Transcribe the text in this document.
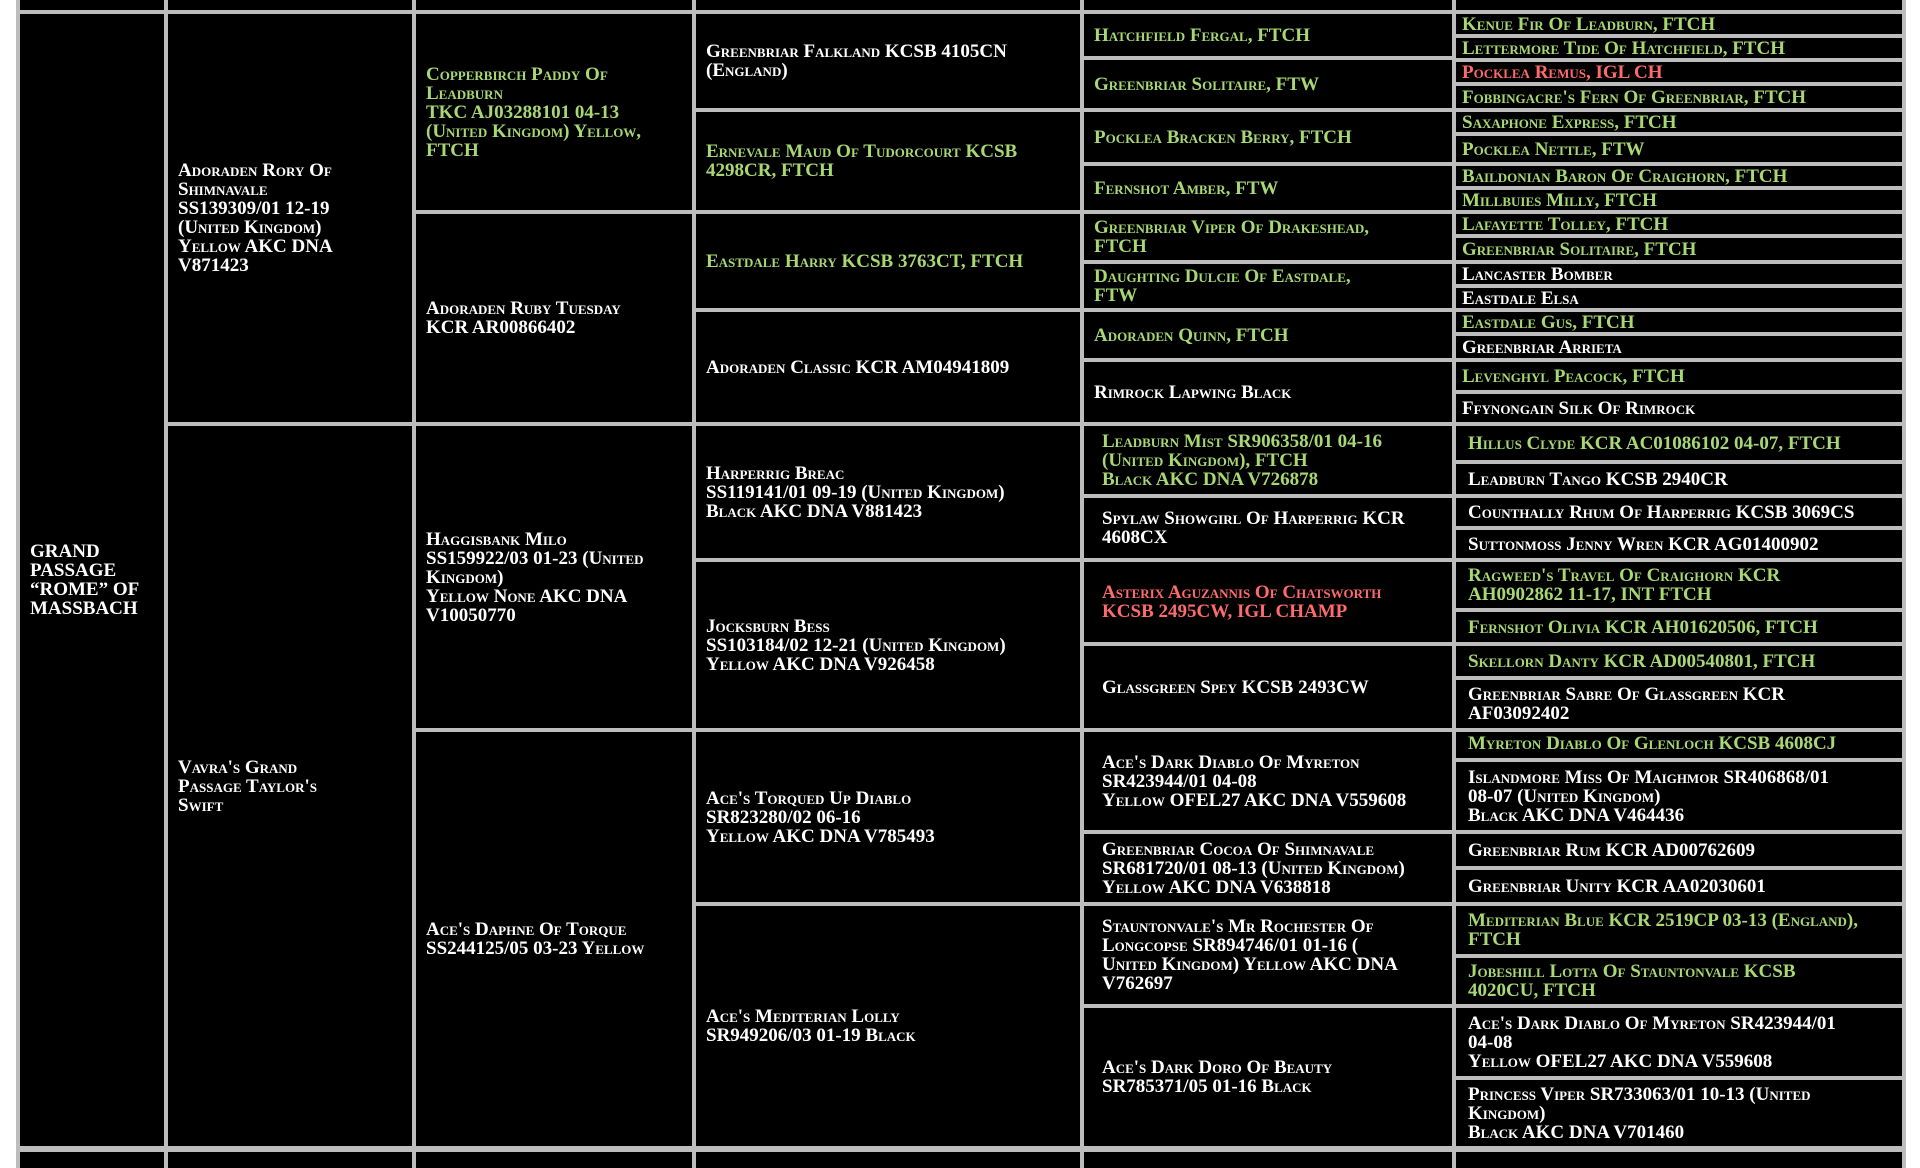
GRAND PASSAGE “ROME” OF MASSBACH
Adoraden Rory Of Shimnavale
SS139309/01 12-19
(United Kingdom)
Yellow AKC DNA
V871423
Vavra's Grand
Passage Taylor's
Swift
Copperbirch Paddy Of
Leadburn
TKC AJ03288101 04-13
(United Kingdom) Yellow,
FTCH
Adoraden Ruby Tuesday
KCR AR00866402
Haggisbank Milo
SS159922/03 01-23 (United
Kingdom)
Yellow None AKC DNA
V10050770
Ace's Daphne Of Torque
SS244125/05 03-23 Yellow
Greenbriar Falkland KCSB 4105CN
(England)
Ernevale Maud Of Tudorcourt KCSB
4298CR, FTCH
Eastdale Harry KCSB 3763CT, FTCH
Adoraden Classic KCR AM04941809
Harperrig Breac
SS119141/01 09-19 (United Kingdom)
Black AKC DNA V881423
Jocksburn Bess
SS103184/02 12-21 (United Kingdom)
Yellow AKC DNA V926458
Ace's Torqued Up Diablo
SR823280/02 06-16
Yellow AKC DNA V785493
Ace's Mediterian Lolly
SR949206/03 01-19 Black
Hatchfield Fergal, FTCH
Greenbriar Solitaire, FTW
Pocklea Bracken Berry, FTCH
Fernshot Amber, FTW
Greenbriar Viper Of Drakeshead,
FTCH
Daughting Dulcie Of Eastdale,
FTW
Adoraden Quinn, FTCH
Rimrock Lapwing Black
Leadburn Mist SR906358/01 04-16
(United Kingdom), FTCH
Black AKC DNA V726878
Spylaw Showgirl Of Harperrig KCR
4608CX
Asterix Aguzannis Of Chatsworth
KCSB 2495CW, IGL CHAMP
Glassgreen Spey KCSB 2493CW
Ace's Dark Diablo Of Myreton
SR423944/01 04-08
Yellow OFEL27 AKC DNA V559608
Greenbriar Cocoa Of Shimnavale
SR681720/01 08-13 (United Kingdom)
Yellow AKC DNA V638818
Stauntonvale's Mr Rochester Of
Longcopse SR894746/01 01-16 (
United Kingdom) Yellow AKC DNA
V762697
Ace's Dark Doro Of Beauty
SR785371/05 01-16 Black
Kenue Fir Of Leadburn, FTCH
Lettermore Tide Of Hatchfield, FTCH
Pocklea Remus, IGL CH
Fobbingacre's Fern Of Greenbriar, FTCH
Saxaphone Express, FTCH
Pocklea Nettle, FTW
Baildonian Baron Of Craighorn, FTCH
Millbuies Milly, FTCH
Lafayette Tolley, FTCH
Greenbriar Solitaire, FTCH
Lancaster Bomber
Eastdale Elsa
Eastdale Gus, FTCH
Greenbriar Arrieta
Levenghyl Peacock, FTCH
Ffynongain Silk Of Rimrock
Hillus Clyde KCR AC01086102 04-07, FTCH
Leadburn Tango KCSB 2940CR
Counthally Rhum Of Harperrig KCSB 3069CS
Suttonmoss Jenny Wren KCR AG01400902
Ragweed's Travel Of Craighorn KCR
AH0902862 11-17, INT FTCH
Fernshot Olivia KCR AH01620506, FTCH
Skellorn Danty KCR AD00540801, FTCH
Greenbriar Sabre Of Glassgreen KCR
AF03092402
Myreton Diablo Of Glenloch KCSB 4608CJ
Islandmore Miss Of Maighmor SR406868/01
08-07 (United Kingdom)
Black AKC DNA V464436
Greenbriar Rum KCR AD00762609
Greenbriar Unity KCR AA02030601
Mediterian Blue KCR 2519CP 03-13 (England),
FTCH
Jobeshill Lotta Of Stauntonvale KCSB
4020CU, FTCH
Ace's Dark Diablo Of Myreton SR423944/01
04-08
Yellow OFEL27 AKC DNA V559608
Princess Viper SR733063/01 10-13 (United
Kingdom)
Black AKC DNA V701460
